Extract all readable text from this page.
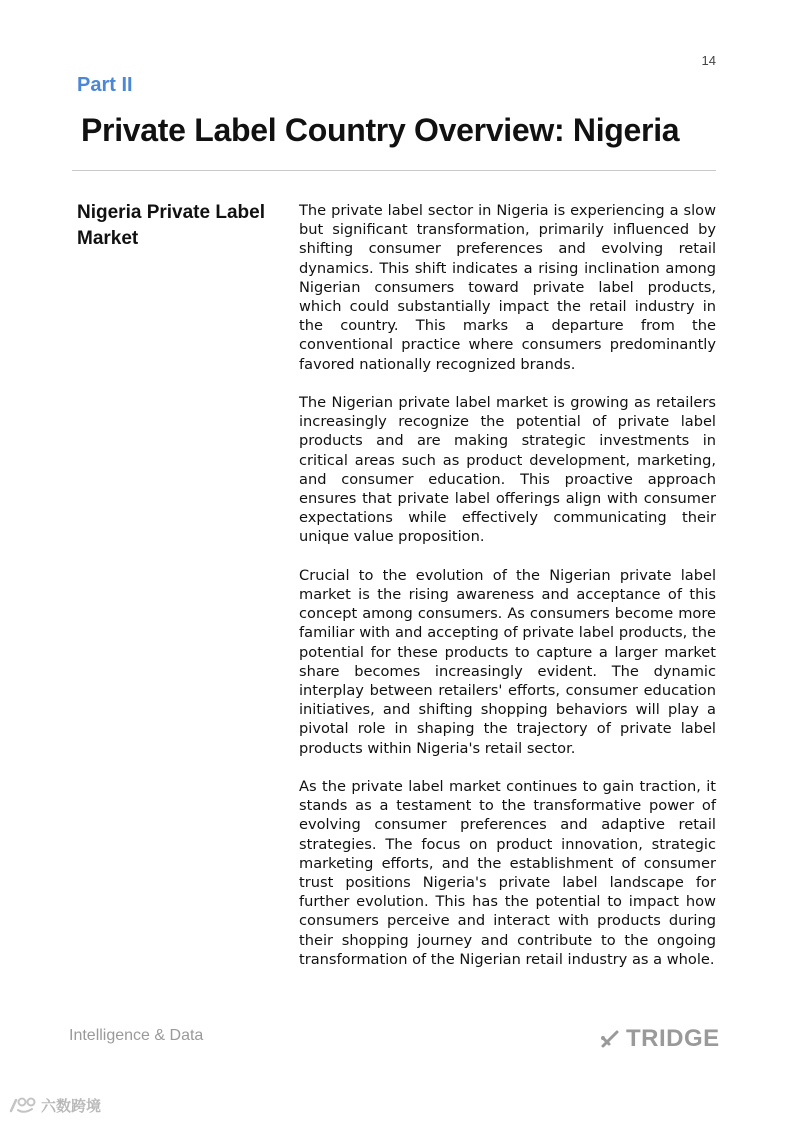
14
Part II
Private Label Country Overview: Nigeria
Nigeria Private Label Market

The private label sector in Nigeria is experiencing a slow but significant transformation, primarily influenced by shifting consumer preferences and evolving retail dynamics. This shift indicates a rising inclination among Nigerian consumers toward private label products, which could substantially impact the retail industry in the country. This marks a departure from the conventional practice where consumers predominantly favored nationally recognized brands.

The Nigerian private label market is growing as retailers increasingly recognize the potential of private label products and are making strategic investments in critical areas such as product development, marketing, and consumer education. This proactive approach ensures that private label offerings align with consumer expectations while effectively communicating their unique value proposition.

Crucial to the evolution of the Nigerian private label market is the rising awareness and acceptance of this concept among consumers. As consumers become more familiar with and accepting of private label products, the potential for these products to capture a larger market share becomes increasingly evident. The dynamic interplay between retailers' efforts, consumer education initiatives, and shifting shopping behaviors will play a pivotal role in shaping the trajectory of private label products within Nigeria's retail sector.

As the private label market continues to gain traction, it stands as a testament to the transformative power of evolving consumer preferences and adaptive retail strategies. The focus on product innovation, strategic marketing efforts, and the establishment of consumer trust positions Nigeria's private label landscape for further evolution. This has the potential to impact how consumers perceive and interact with products during their shopping journey and contribute to the ongoing transformation of the Nigerian retail industry as a whole.

Intelligence & Data	TRIDGE
六数跨境
